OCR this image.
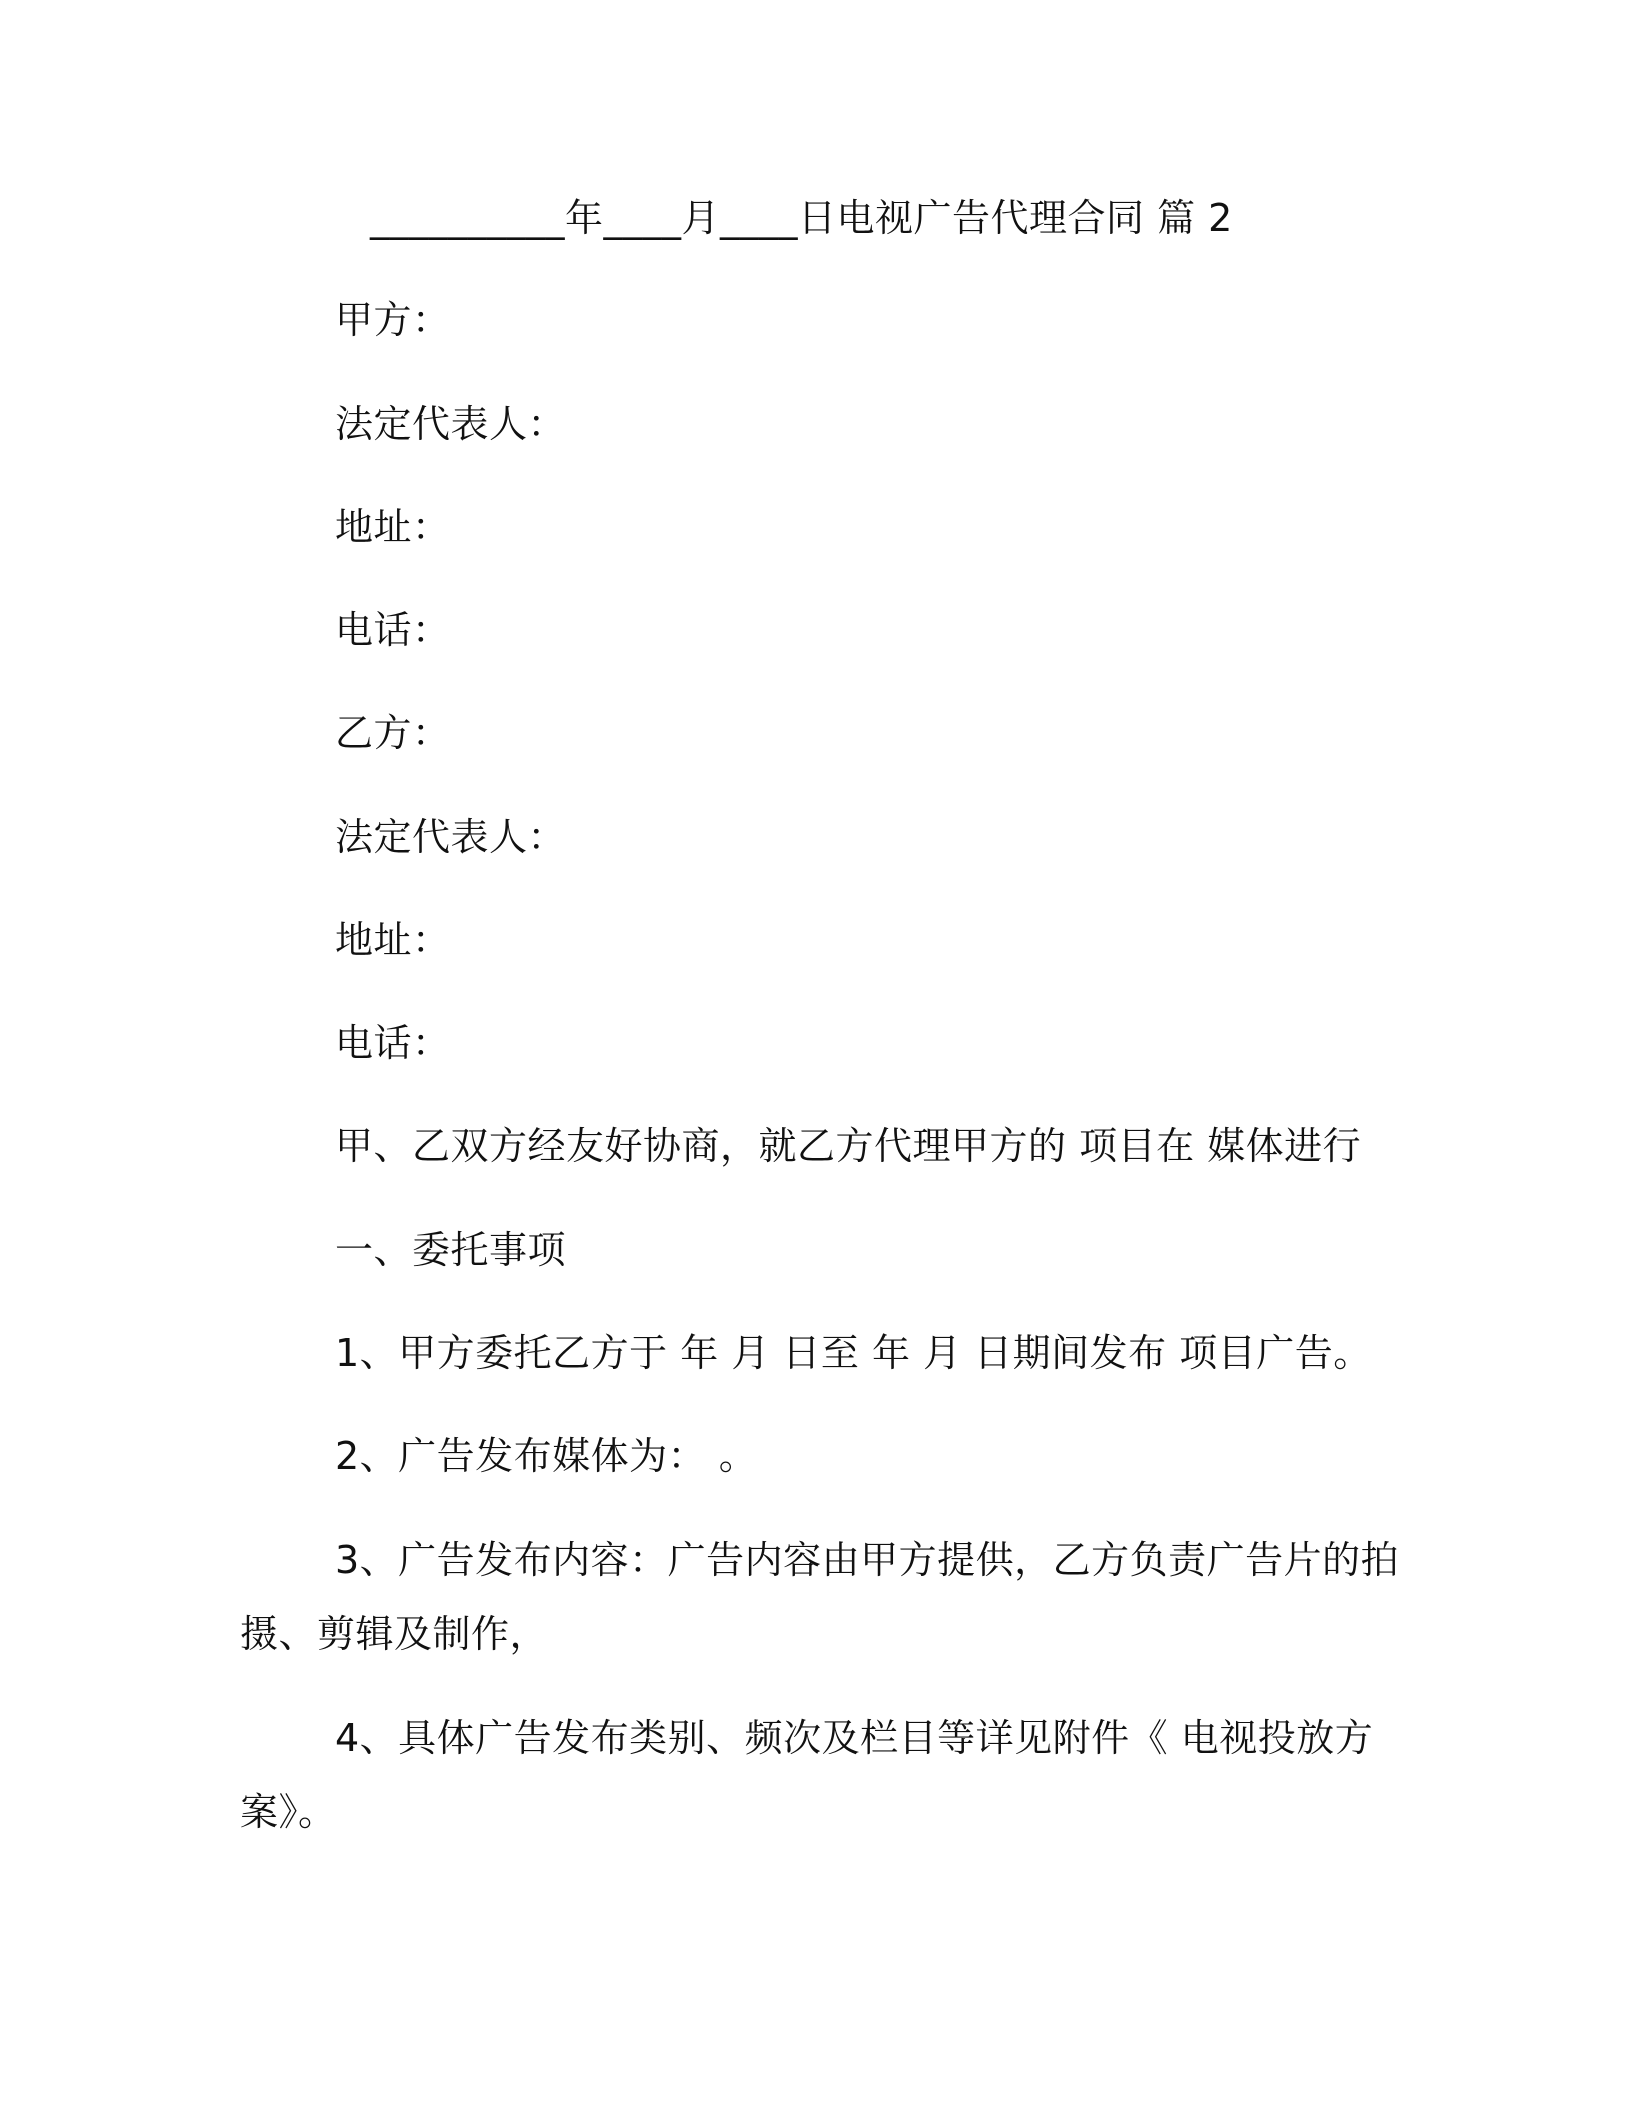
__________年____月____日电视广告代理合同 篇 2
甲方：
法定代表人：
地址：
电话：
乙方：
法定代表人：
地址：
电话：
甲、乙双方经友好协商，就乙方代理甲方的 项目在 媒体进行
一、委托事项
1、甲方委托乙方于 年 月 日至 年 月 日期间发布 项目广告。
2、广告发布媒体为： 。
3、广告发布内容：广告内容由甲方提供，乙方负责广告片的拍
摄、剪辑及制作，
4、具体广告发布类别、频次及栏目等详见附件《 电视投放方
案》。
